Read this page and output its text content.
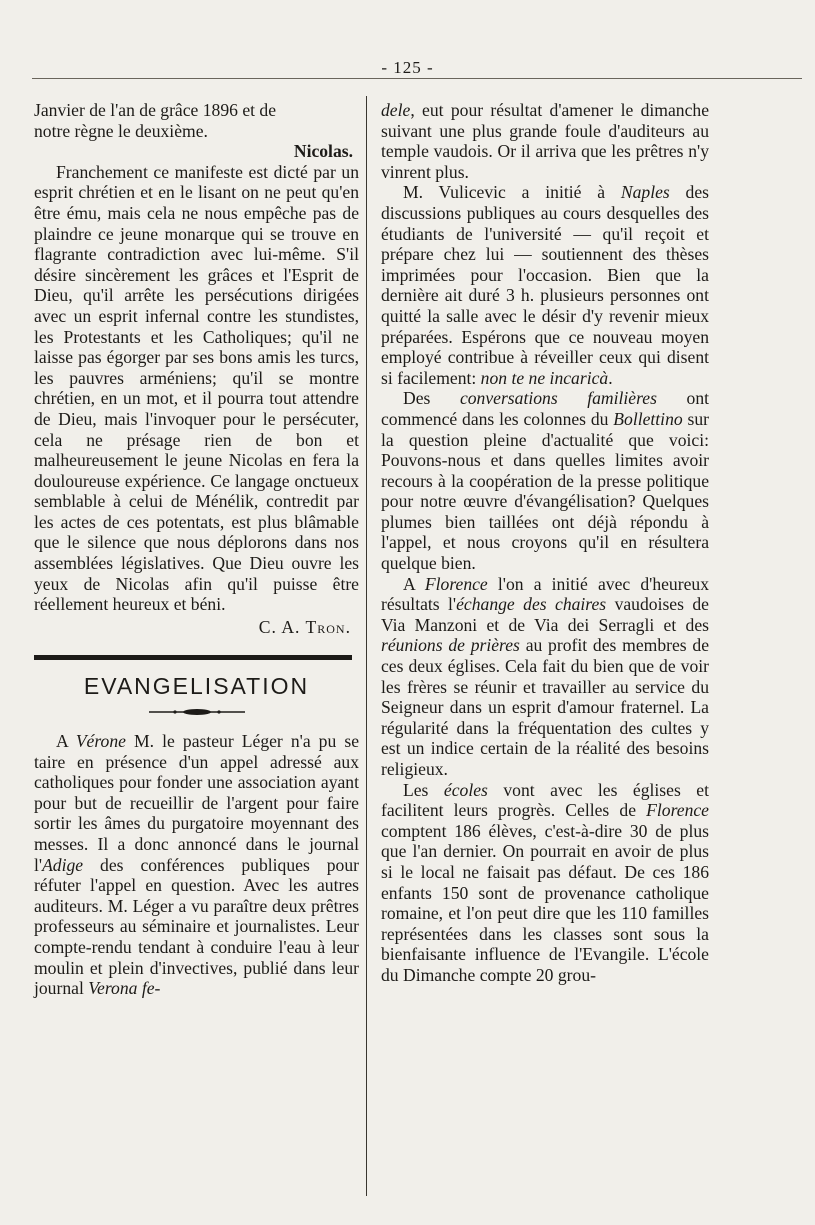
- 125 -

Janvier de l'an de grâce 1896 et de

notre règne le deuxième.

Nicolas.

Franchement ce manifeste est dicté par un esprit chrétien et en le lisant on ne peut qu'en être ému, mais cela ne nous empêche pas de plaindre ce jeune monarque qui se trouve en flagrante contradiction avec lui-même. S'il désire sincèrement les grâces et l'Esprit de Dieu, qu'il arrête les persécutions dirigées avec un esprit infernal contre les stundistes, les Protestants et les Catholiques; qu'il ne laisse pas égorger par ses bons amis les turcs, les pauvres arméniens; qu'il se montre chrétien, en un mot, et il pourra tout attendre de Dieu, mais l'invoquer pour le persécuter, cela ne présage rien de bon et malheureusement le jeune Nicolas en fera la douloureuse expérience. Ce langage onctueux semblable à celui de Ménélik, contredit par les actes de ces potentats, est plus blâmable que le silence que nous déplorons dans nos assemblées législatives. Que Dieu ouvre les yeux de Nicolas afin qu'il puisse être réellement heureux et béni.

C. A. Tron.

EVANGELISATION

A Vérone M. le pasteur Léger n'a pu se taire en présence d'un appel adressé aux catholiques pour fonder une association ayant pour but de recueillir de l'argent pour faire sortir les âmes du purgatoire moyennant des messes. Il a donc annoncé dans le journal l'Adige des conférences publiques pour réfuter l'appel en question. Avec les autres auditeurs. M. Léger a vu paraître deux prêtres professeurs au séminaire et journalistes. Leur compte-rendu tendant à conduire l'eau à leur moulin et plein d'invectives, publié dans leur journal Verona fe-

dele, eut pour résultat d'amener le dimanche suivant une plus grande foule d'auditeurs au temple vaudois. Or il arriva que les prêtres n'y vinrent plus.

M. Vulicevic a initié à Naples des discussions publiques au cours desquelles des étudiants de l'université — qu'il reçoit et prépare chez lui — soutiennent des thèses imprimées pour l'occasion. Bien que la dernière ait duré 3 h. plusieurs personnes ont quitté la salle avec le désir d'y revenir mieux préparées. Espérons que ce nouveau moyen employé contribue à réveiller ceux qui disent si facilement: non te ne incaricà.

Des conversations familières ont commencé dans les colonnes du Bollettino sur la question pleine d'actualité que voici: Pouvons-nous et dans quelles limites avoir recours à la coopération de la presse politique pour notre œuvre d'évangélisation? Quelques plumes bien taillées ont déjà répondu à l'appel, et nous croyons qu'il en résultera quelque bien.

A Florence l'on a initié avec d'heureux résultats l'échange des chaires vaudoises de Via Manzoni et de Via dei Serragli et des réunions de prières au profit des membres de ces deux églises. Cela fait du bien que de voir les frères se réunir et travailler au service du Seigneur dans un esprit d'amour fraternel. La régularité dans la fréquentation des cultes y est un indice certain de la réalité des besoins religieux.

Les écoles vont avec les églises et facilitent leurs progrès. Celles de Florence comptent 186 élèves, c'est-à-dire 30 de plus que l'an dernier. On pourrait en avoir de plus si le local ne faisait pas défaut. De ces 186 enfants 150 sont de provenance catholique romaine, et l'on peut dire que les 110 familles représentées dans les classes sont sous la bienfaisante influence de l'Evangile. L'école du Dimanche compte 20 grou-
